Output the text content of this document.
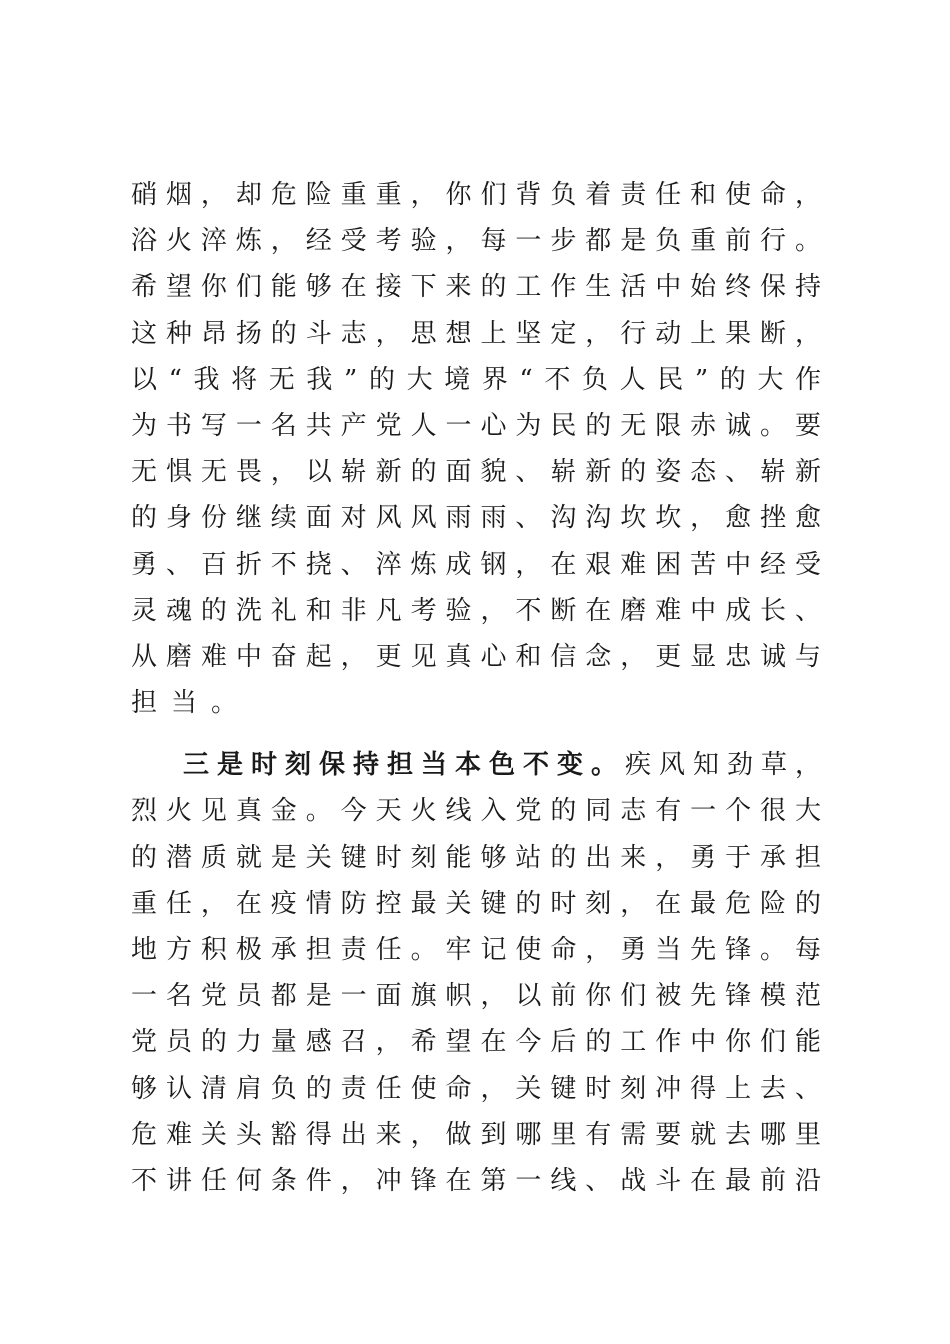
硝烟，却危险重重，你们背负着责任和使命，
浴火淬炼，经受考验，每一步都是负重前行。
希望你们能够在接下来的工作生活中始终保持
这种昂扬的斗志，思想上坚定，行动上果断，
以“我将无我”的大境界“不负人民”的大作
为书写一名共产党人一心为民的无限赤诚。要
无惧无畏，以崭新的面貌、崭新的姿态、崭新
的身份继续面对风风雨雨、沟沟坎坎，愈挫愈
勇、百折不挠、淬炼成钢，在艰难困苦中经受
灵魂的洗礼和非凡考验，不断在磨难中成长、
从磨难中奋起，更见真心和信念，更显忠诚与
担当。
三是时刻保持担当本色不变。疾风知劲草，
烈火见真金。今天火线入党的同志有一个很大
的潜质就是关键时刻能够站的出来，勇于承担
重任，在疫情防控最关键的时刻，在最危险的
地方积极承担责任。牢记使命，勇当先锋。每
一名党员都是一面旗帜，以前你们被先锋模范
党员的力量感召，希望在今后的工作中你们能
够认清肩负的责任使命，关键时刻冲得上去、
危难关头豁得出来，做到哪里有需要就去哪里
不讲任何条件，冲锋在第一线、战斗在最前沿
